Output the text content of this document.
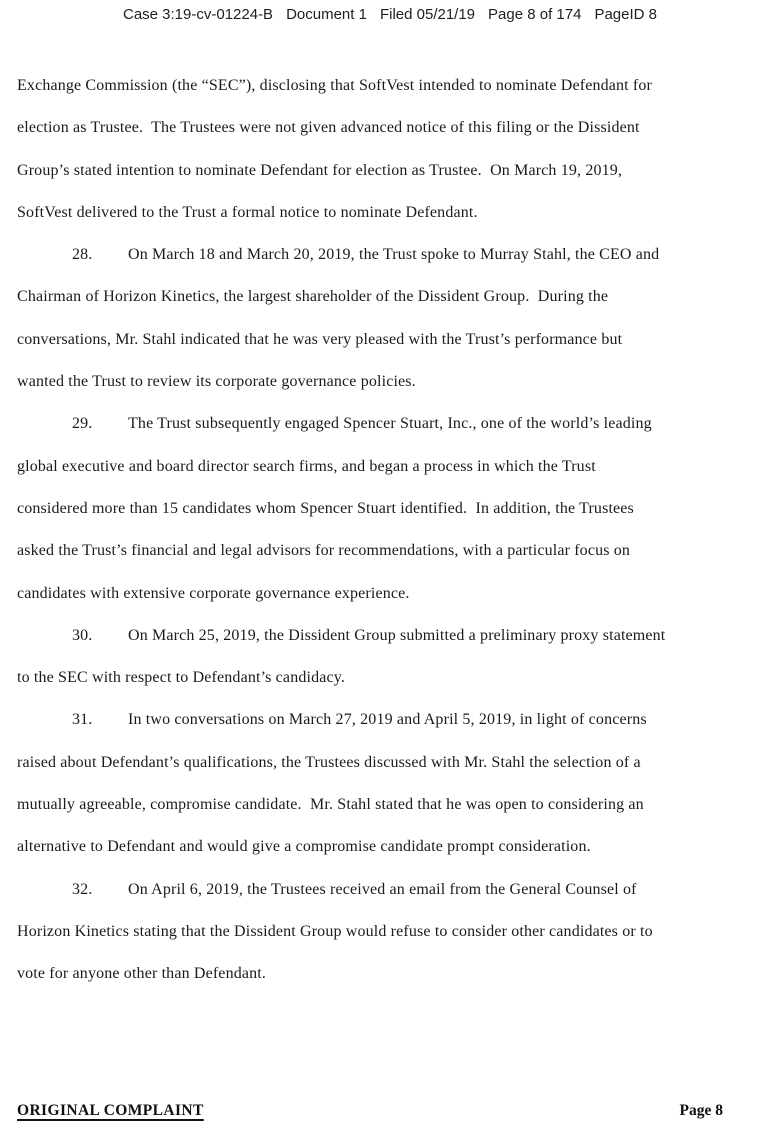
Case 3:19-cv-01224-B Document 1 Filed 05/21/19 Page 8 of 174 PageID 8
Exchange Commission (the “SEC”), disclosing that SoftVest intended to nominate Defendant for
election as Trustee.  The Trustees were not given advanced notice of this filing or the Dissident
Group’s stated intention to nominate Defendant for election as Trustee.  On March 19, 2019,
SoftVest delivered to the Trust a formal notice to nominate Defendant.
28. On March 18 and March 20, 2019, the Trust spoke to Murray Stahl, the CEO and
Chairman of Horizon Kinetics, the largest shareholder of the Dissident Group.  During the
conversations, Mr. Stahl indicated that he was very pleased with the Trust’s performance but
wanted the Trust to review its corporate governance policies.
29. The Trust subsequently engaged Spencer Stuart, Inc., one of the world’s leading
global executive and board director search firms, and began a process in which the Trust
considered more than 15 candidates whom Spencer Stuart identified.  In addition, the Trustees
asked the Trust’s financial and legal advisors for recommendations, with a particular focus on
candidates with extensive corporate governance experience.
30. On March 25, 2019, the Dissident Group submitted a preliminary proxy statement
to the SEC with respect to Defendant’s candidacy.
31. In two conversations on March 27, 2019 and April 5, 2019, in light of concerns
raised about Defendant’s qualifications, the Trustees discussed with Mr. Stahl the selection of a
mutually agreeable, compromise candidate.  Mr. Stahl stated that he was open to considering an
alternative to Defendant and would give a compromise candidate prompt consideration.
32. On April 6, 2019, the Trustees received an email from the General Counsel of
Horizon Kinetics stating that the Dissident Group would refuse to consider other candidates or to
vote for anyone other than Defendant.
ORIGINAL COMPLAINT	Page 8
